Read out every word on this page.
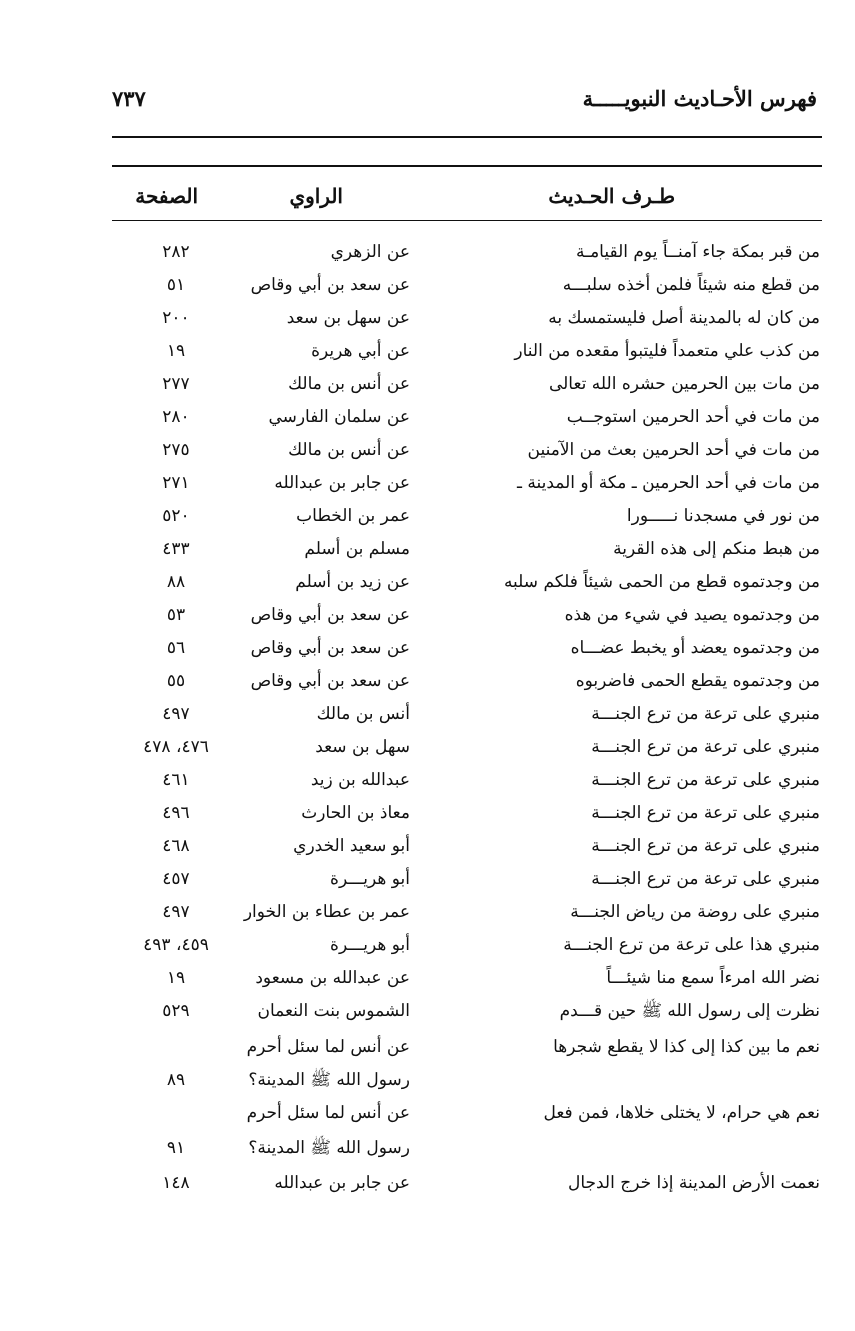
فهرس الأحـاديث النبويـــــة
٧٣٧
طـرف الحـديث
الراوي
الصفحة
من قبر بمكة جاء آمنــاً يوم القيامـة
عن الزهري
٢٨٢
من قطع منه شيئاً فلمن أخذه سلبـــه
عن سعد بن أبي وقاص
٥١
من كان له بالمدينة أصل فليستمسك به
عن سهل بن سعد
٢٠٠
من كذب علي متعمداً فليتبوأ مقعده من النار
عن أبي هريرة
١٩
من مات بين الحرمين حشره الله تعالى
عن أنس بن مالك
٢٧٧
من مات في أحد الحرمين استوجــب
عن سلمان الفارسي
٢٨٠
من مات في أحد الحرمين بعث من الآمنين
عن أنس بن مالك
٢٧٥
من مات في أحد الحرمين ـ مكة أو المدينة ـ
عن جابر بن عبدالله
٢٧١
من نور في مسجدنا نـــــورا
عمر بن الخطاب
٥٢٠
من هبط منكم إلى هذه القرية
مسلم بن أسلم
٤٣٣
من وجدتموه قطع من الحمى شيئاً فلكم سلبه
عن زيد بن أسلم
٨٨
من وجدتموه يصيد في شيء من هذه
عن سعد بن أبي وقاص
٥٣
من وجدتموه يعضد أو يخبط عضـــاه
عن سعد بن أبي وقاص
٥٦
من وجدتموه يقطع الحمى فاضربوه
عن سعد بن أبي وقاص
٥٥
منبري على ترعة من ترع الجنـــة
أنس بن مالك
٤٩٧
منبري على ترعة من ترع الجنـــة
سهل بن سعد
٤٧٦، ٤٧٨
منبري على ترعة من ترع الجنـــة
عبدالله بن زيد
٤٦١
منبري على ترعة من ترع الجنـــة
معاذ بن الحارث
٤٩٦
منبري على ترعة من ترع الجنـــة
أبو سعيد الخدري
٤٦٨
منبري على ترعة من ترع الجنـــة
أبو هريـــرة
٤٥٧
منبري على روضة من رياض الجنـــة
عمر بن عطاء بن الخوار
٤٩٧
منبري هذا على ترعة من ترع الجنـــة
أبو هريـــرة
٤٥٩، ٤٩٣
نضر الله امرءاً سمع منا شيئـــاً
عن عبدالله بن مسعود
١٩
نظرت إلى رسول الله ﷺ حين قـــدم
الشموس بنت النعمان
٥٢٩
نعم ما بين كذا إلى كذا لا يقطع شجرها
عن أنس لما سئل أحرم
رسول الله ﷺ المدينة؟
٨٩
نعم هي حرام، لا يختلى خلاها، فمن فعل
عن أنس لما سئل أحرم
رسول الله ﷺ المدينة؟
٩١
نعمت الأرض المدينة إذا خرج الدجال
عن جابر بن عبدالله
١٤٨
